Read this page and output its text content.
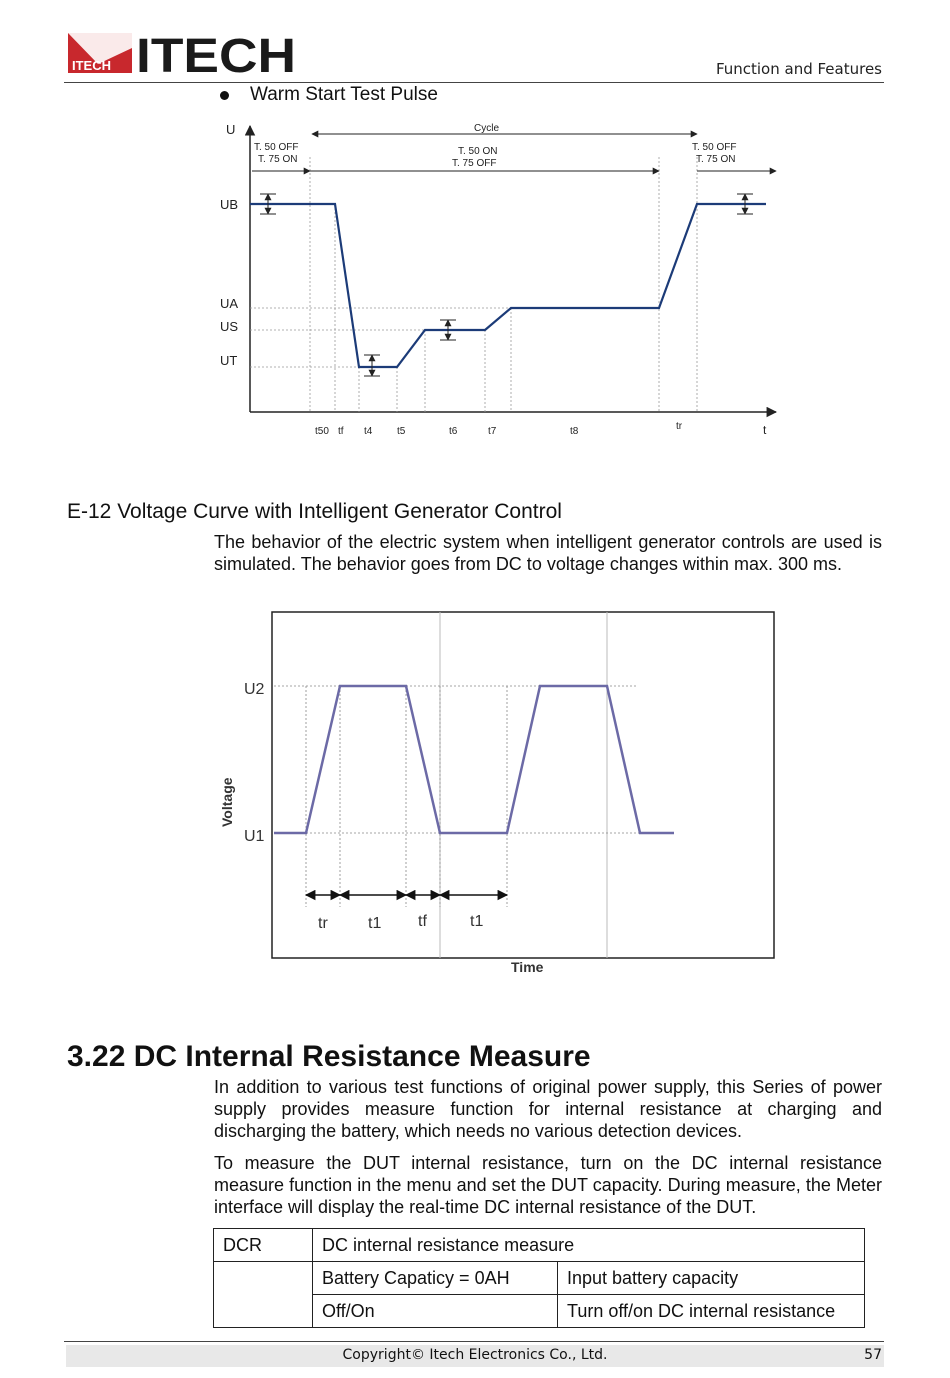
ITECH ITECH	Function and Features
Warm Start Test Pulse
U
t
UB
UA
US
UT
Cycle
T. 50 OFF
T. 75 ON
T. 50 ON
T. 75 OFF
T. 50 OFF
T. 75 ON
t50 tf t4 t5	t6	t7	t8	tr
E-12 Voltage Curve with Intelligent Generator Control
The behavior of the electric system when intelligent generator controls are used is simulated. The behavior goes from DC to voltage changes within max. 300 ms.
U2
U1
Voltage
Time
tr	t1 tf	t1
3.22 DC Internal Resistance Measure
In addition to various test functions of original power supply, this Series of power supply provides measure function for internal resistance at charging and discharging the battery, which needs no various detection devices.
To measure the DUT internal resistance, turn on the DC internal resistance measure function in the menu and set the DUT capacity. During measure, the Meter interface will display the real-time DC internal resistance of the DUT.
DCR	DC internal resistance measure	
	Battery Capaticy = 0AH	Input battery capacity
	Off/On	Turn off/on DC internal resistance
Copyright© Itech Electronics Co., Ltd.	57
